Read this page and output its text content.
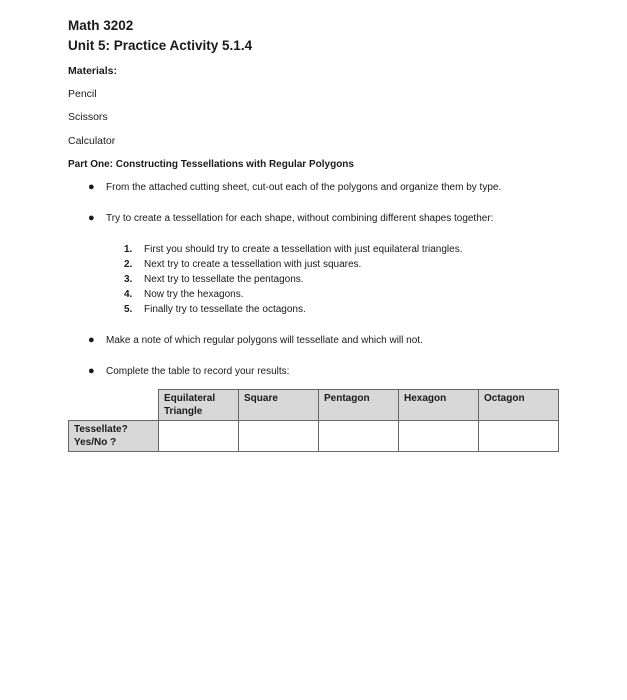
Math 3202
Unit 5: Practice Activity 5.1.4
Materials:
Pencil
Scissors
Calculator
Part One: Constructing Tessellations with Regular Polygons
● From the attached cutting sheet, cut-out each of the polygons and organize them by type.
● Try to create a tessellation for each shape, without combining different shapes together:
1. First you should try to create a tessellation with just equilateral triangles.
2. Next try to create a tessellation with just squares.
3. Next try to tessellate the pentagons.
4. Now try the hexagons.
5. Finally try to tessellate the octagons.
● Make a note of which regular polygons will tessellate and which will not.
● Complete the table to record your results:
	Equilateral
Triangle	Square	Pentagon	Hexagon	Octagon
Tessellate?
Yes/No ?					
